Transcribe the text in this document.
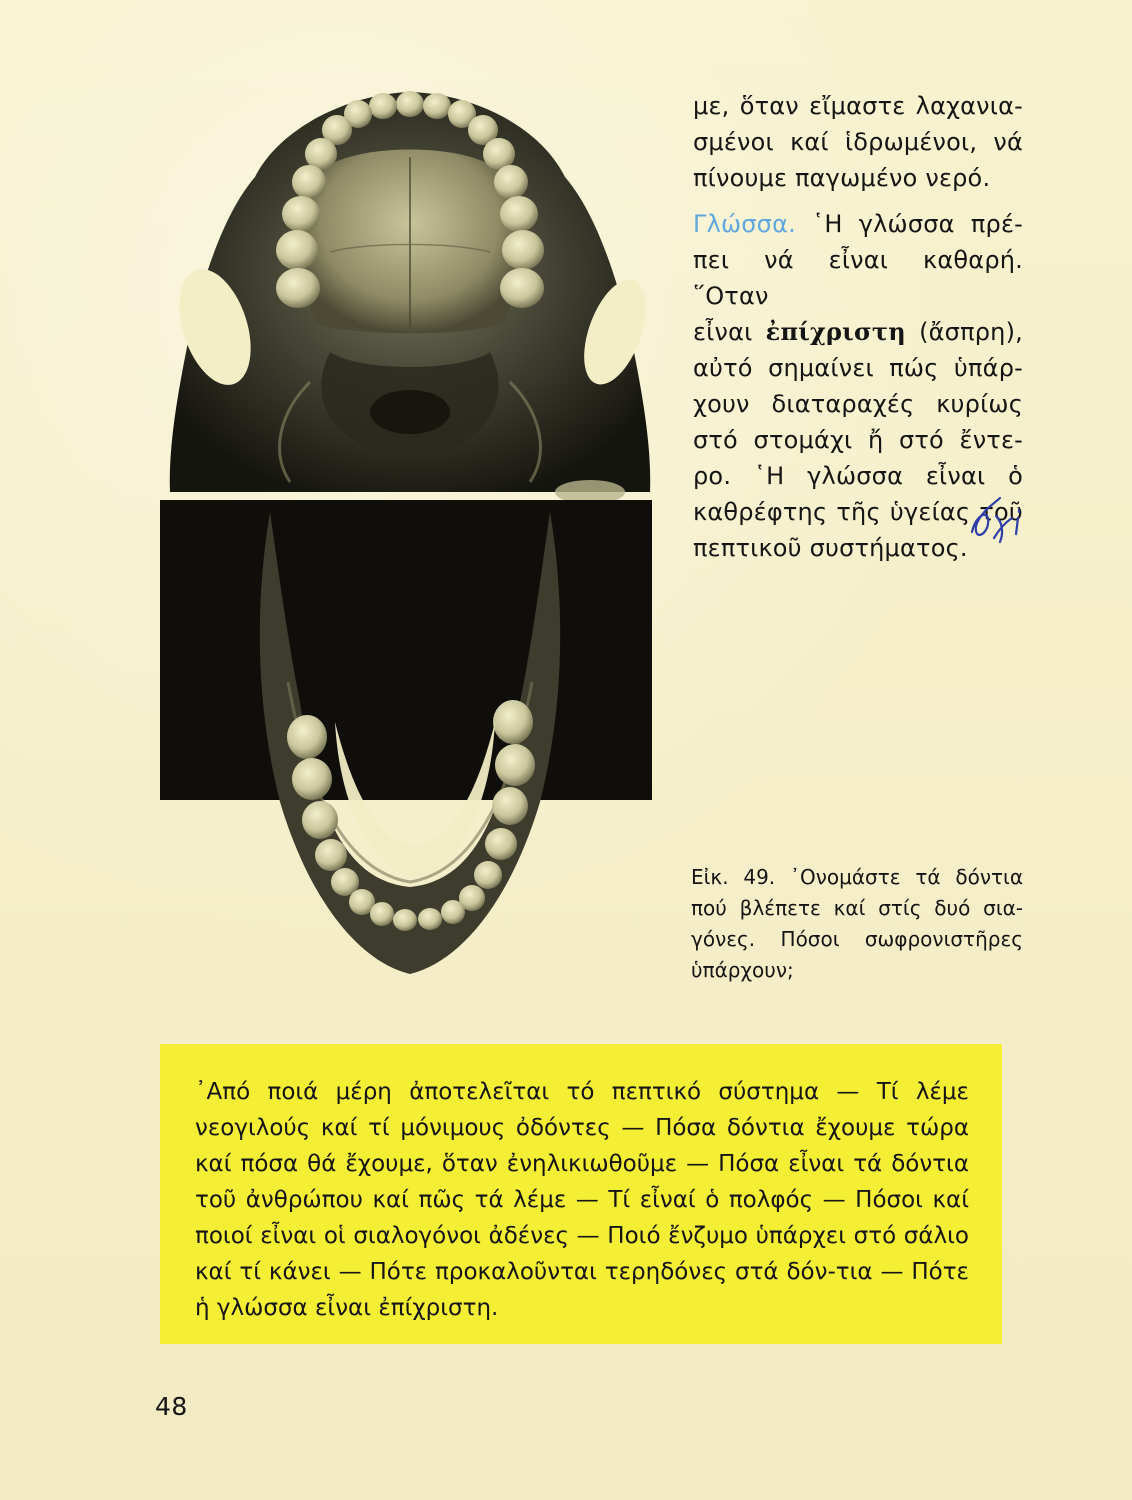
με, ὅταν εἴμαστε λαχανια-

σμένοι καί ἱδρωμένοι, νά

πίνουμε παγωμένο νερό.

Γλώσσα. ῾Η γλώσσα πρέ-

πει νά εἶναι καθαρή. ῞Οταν

εἶναι ἐπίχριστη (ἄσπρη),

αὐτό σημαίνει πώς ὑπάρ-

χουν διαταραχές κυρίως

στό στομάχι ἤ στό ἔντε-

ρο. ῾Η γλώσσα εἶναι ὁ

καθρέφτης τῆς ὑγείας τοῦ

πεπτικοῦ συστήματος.

Εἰκ. 49. ᾿Ονομάστε τά δόντια

πού βλέπετε καί στίς δυό σια-

γόνες. Πόσοι σωφρονιστῆρες

ὑπάρχουν;

᾿Από ποιά μέρη ἀποτελεῖται τό πεπτικό σύστημα — Τί λέμε νεογιλούς καί τί μόνιμους ὀδόντες — Πόσα δόντια ἔχουμε τώρα καί πόσα θά ἔχουμε, ὅταν ἐνηλικιωθοῦμε — Πόσα εἶναι τά δόντια τοῦ ἀνθρώπου καί πῶς τά λέμε — Τί εἶναί ὁ πολφός — Πόσοι καί ποιοί εἶναι οἱ σιαλογόνοι ἀδένες — Ποιό ἔνζυμο ὑπάρχει στό σάλιο καί τί κάνει — Πότε προκαλοῦνται τερηδόνες στά δόν-τια — Πότε ἡ γλώσσα εἶναι ἐπίχριστη.

48
